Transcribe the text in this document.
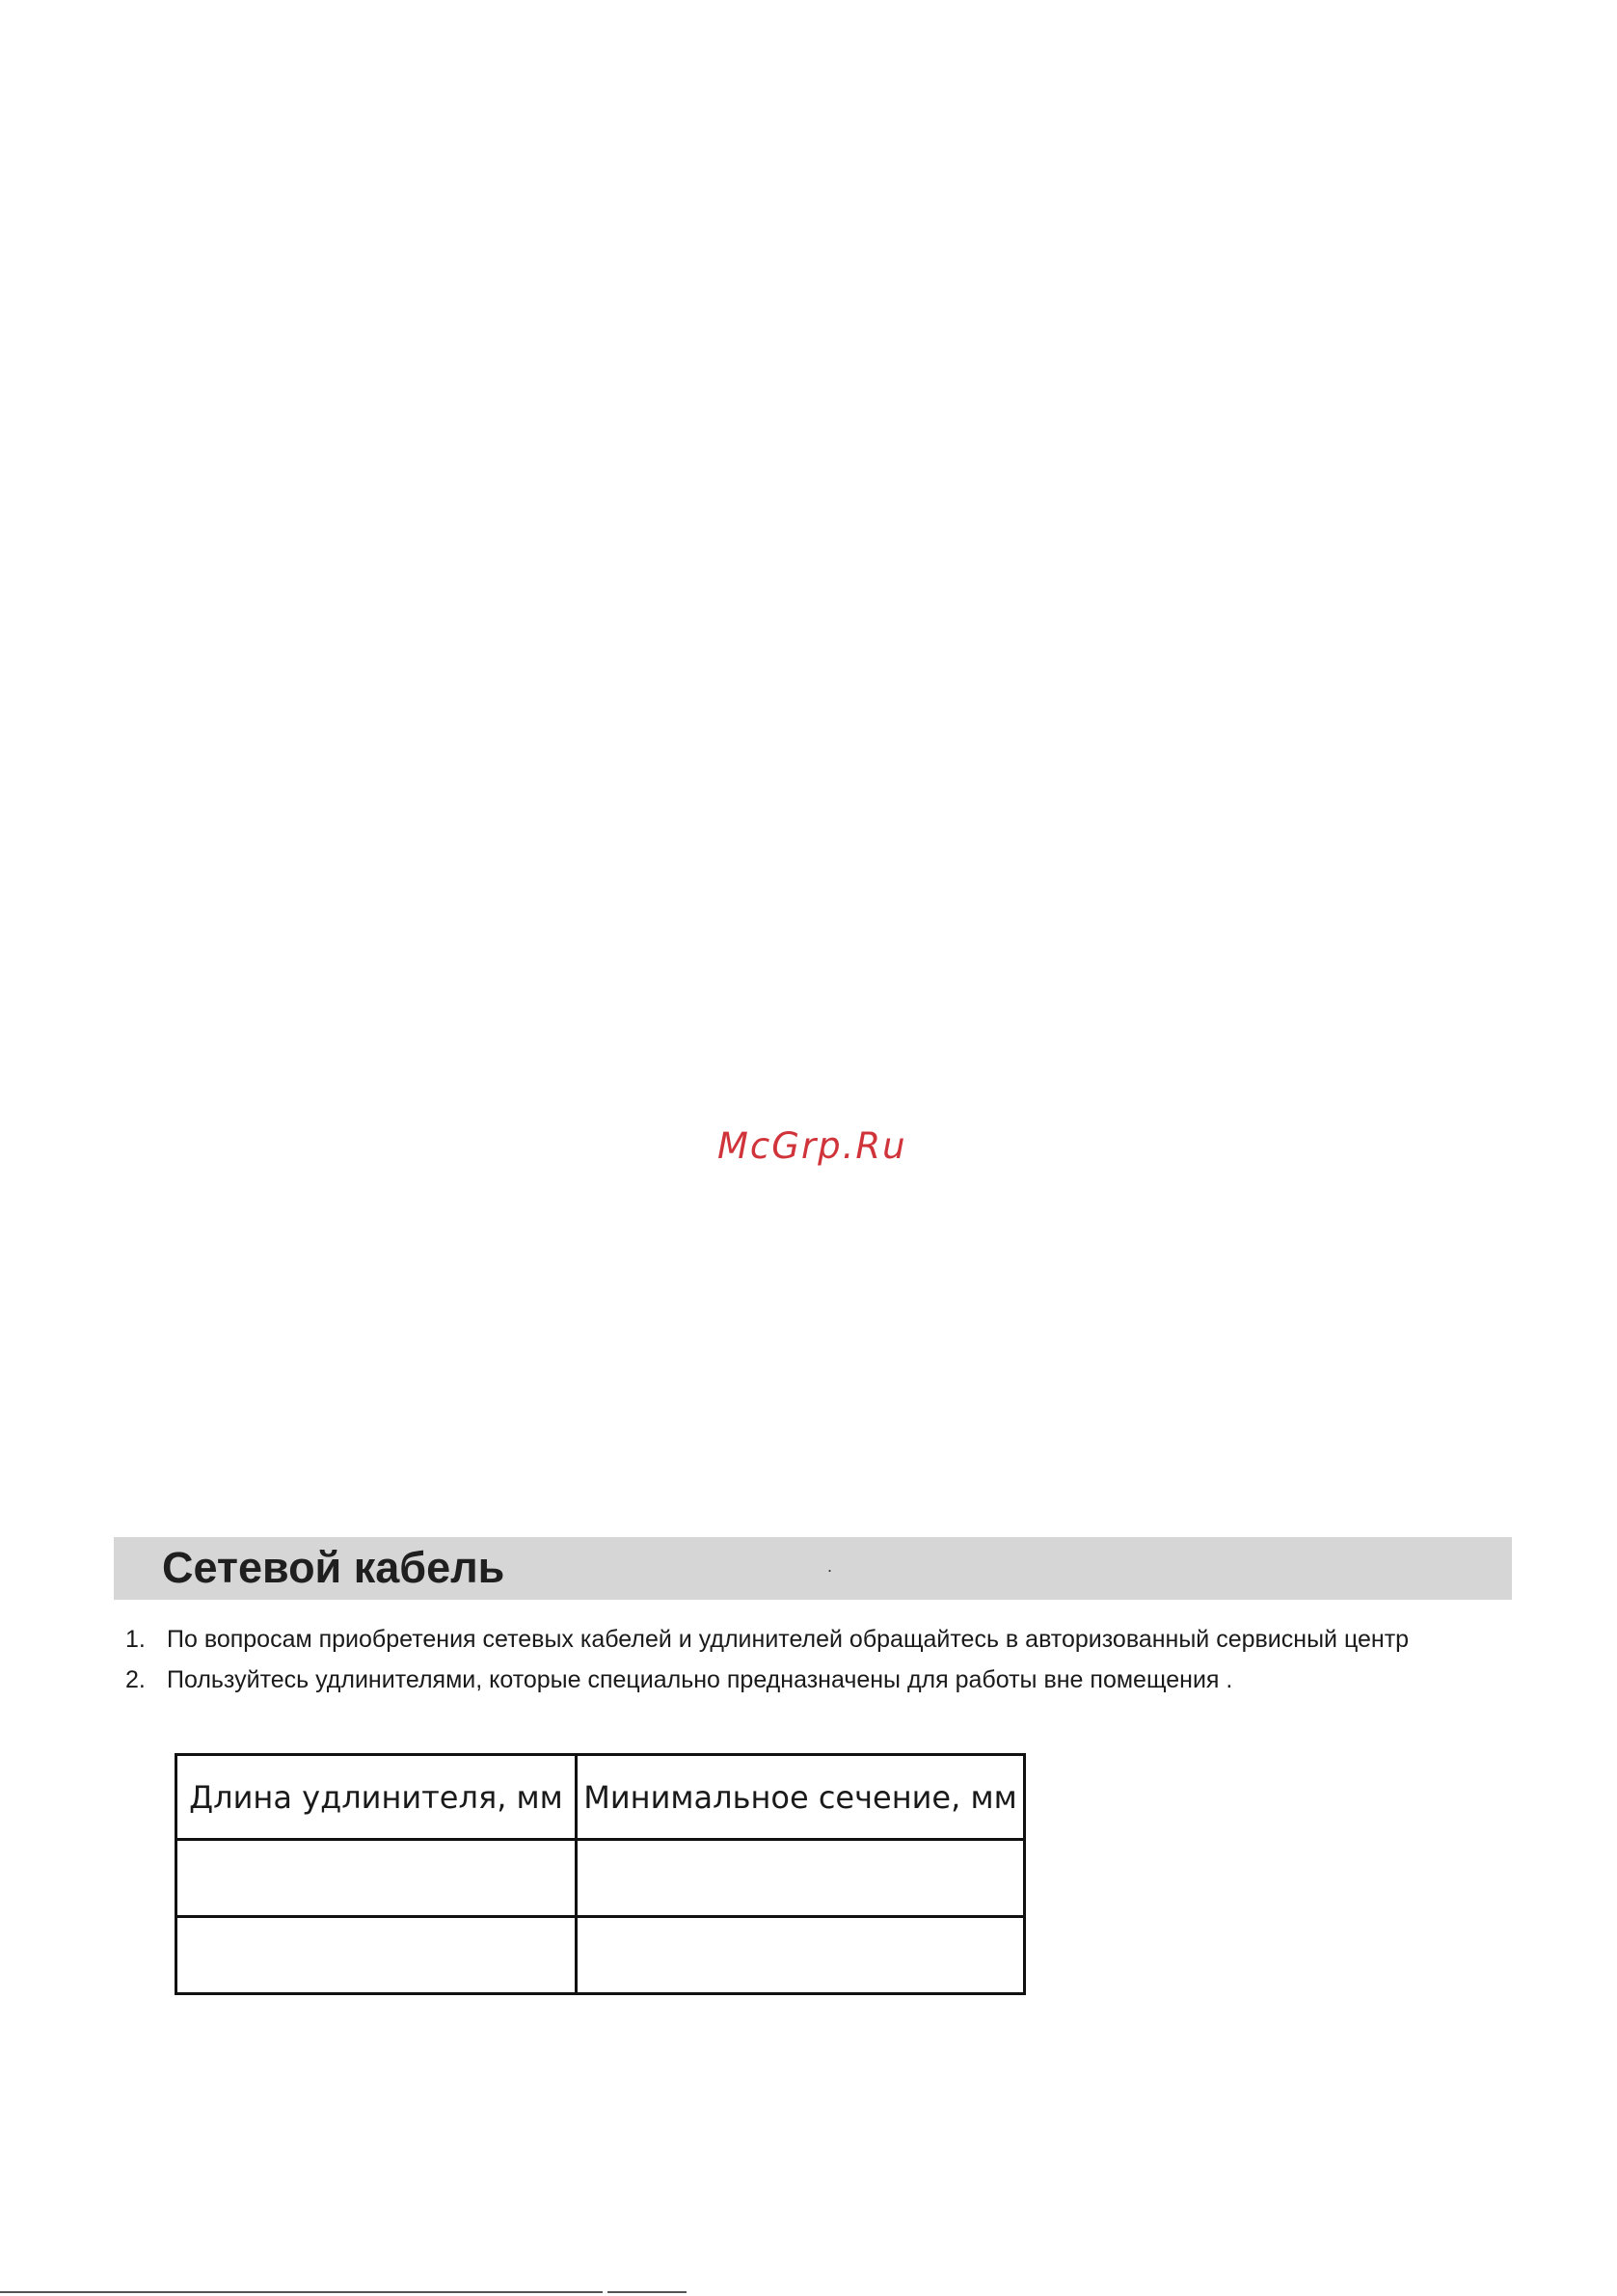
McGrp.Ru
Сетевой кабель	.
1. По вопросам приобретения сетевых кабелей и удлинителей обращайтесь в авторизованный сервисный центр
2. Пользуйтесь удлинителями, которые специально предназначены для работы вне помещения .
Длина удлинителя, мм	Минимальное сечение, мм
